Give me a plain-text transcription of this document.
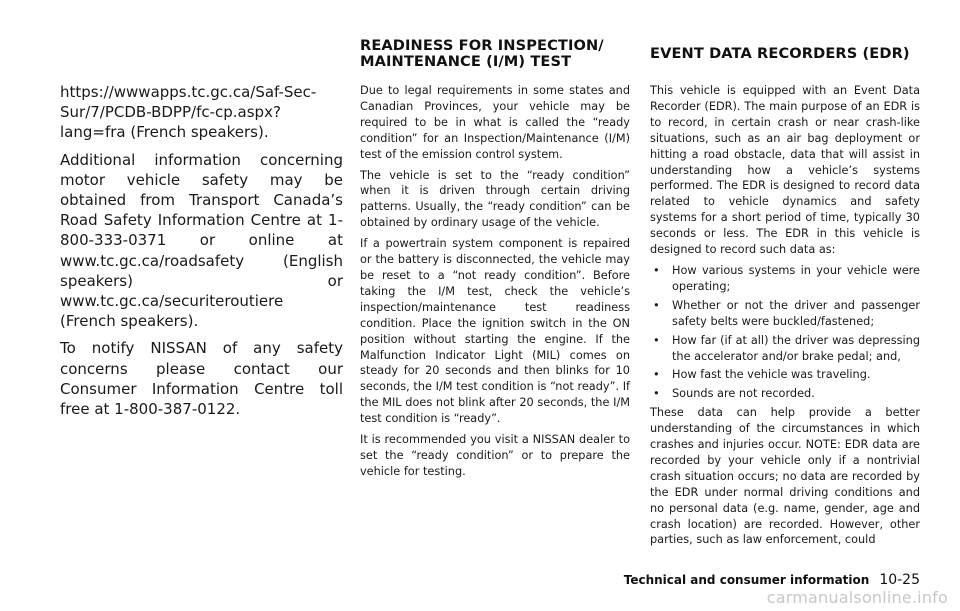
https://wwwapps.tc.gc.ca/Saf-Sec-Sur/7/PCDB-BDPP/fc-cp.aspx?lang=fra (French speakers).

Additional information concerning motor vehicle safety may be obtained from Transport Canada’s Road Safety Information Centre at 1-800-333-0371 or online at www.tc.gc.ca/roadsafety (English speakers) or www.tc.gc.ca/securiteroutiere (French speakers).

To notify NISSAN of any safety concerns please contact our Consumer Information Centre toll free at 1-800-387-0122.

READINESS FOR INSPECTION/
MAINTENANCE (I/M) TEST

Due to legal requirements in some states and Canadian Provinces, your vehicle may be required to be in what is called the “ready condition” for an Inspection/Maintenance (I/M) test of the emission control system.

The vehicle is set to the “ready condition” when it is driven through certain driving patterns. Usually, the “ready condition” can be obtained by ordinary usage of the vehicle.

If a powertrain system component is repaired or the battery is disconnected, the vehicle may be reset to a “not ready condition”. Before taking the I/M test, check the vehicle’s inspection/maintenance test readiness condition. Place the ignition switch in the ON position without starting the engine. If the Malfunction Indicator Light (MIL) comes on steady for 20 seconds and then blinks for 10 seconds, the I/M test condition is “not ready”. If the MIL does not blink after 20 seconds, the I/M test condition is “ready”.

It is recommended you visit a NISSAN dealer to set the “ready condition” or to prepare the vehicle for testing.

EVENT DATA RECORDERS (EDR)

This vehicle is equipped with an Event Data Recorder (EDR). The main purpose of an EDR is to record, in certain crash or near crash-like situations, such as an air bag deployment or hitting a road obstacle, data that will assist in understanding how a vehicle’s systems performed. The EDR is designed to record data related to vehicle dynamics and safety systems for a short period of time, typically 30 seconds or less. The EDR in this vehicle is designed to record such data as:

• How various systems in your vehicle were operating;
• Whether or not the driver and passenger safety belts were buckled/fastened;
• How far (if at all) the driver was depressing the accelerator and/or brake pedal; and,
• How fast the vehicle was traveling.
• Sounds are not recorded.

These data can help provide a better understanding of the circumstances in which crashes and injuries occur. NOTE: EDR data are recorded by your vehicle only if a nontrivial crash situation occurs; no data are recorded by the EDR under normal driving conditions and no personal data (e.g. name, gender, age and crash location) are recorded. However, other parties, such as law enforcement, could

Technical and consumer information 10-25
carmanualsonline.info
